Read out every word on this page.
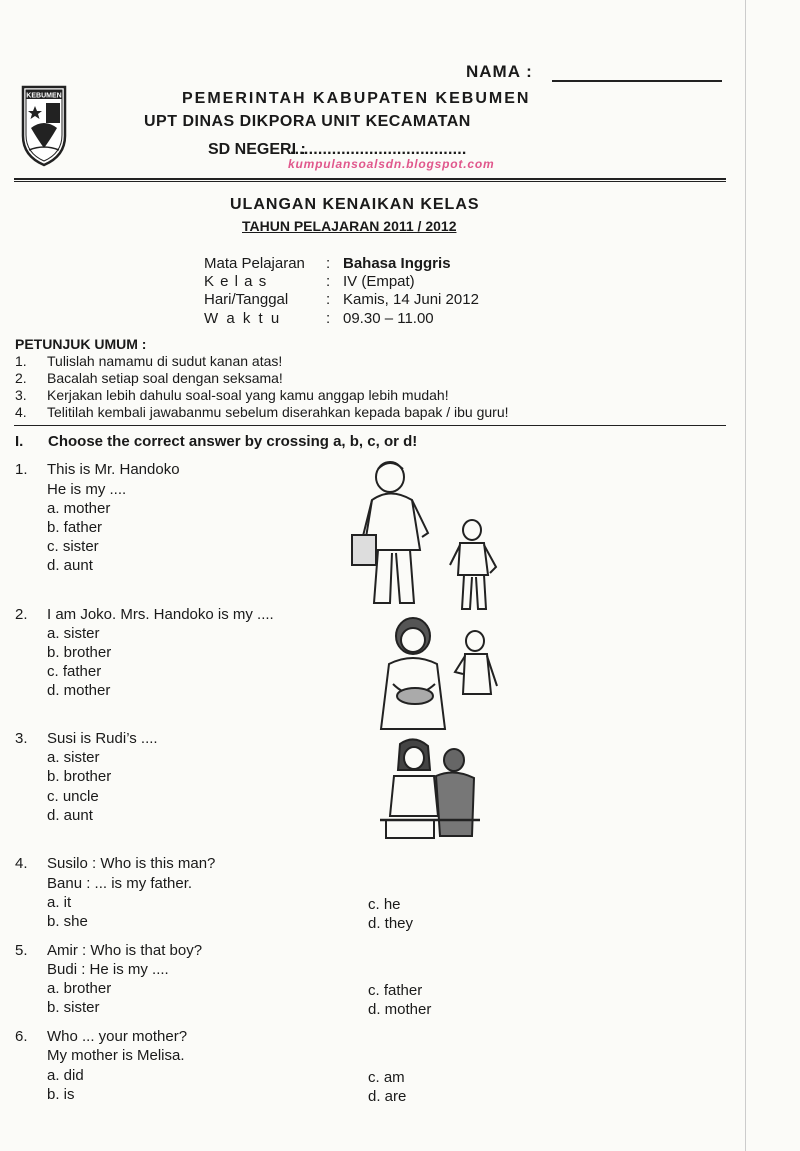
NAMA :
KEBUMEN	PEMERINTAH KABUPATEN KEBUMEN
UPT DINAS DIKPORA UNIT KECAMATAN
SD NEGERI :
......................................
kumpulansoalsdn.blogspot.com
ULANGAN KENAIKAN KELAS
TAHUN PELAJARAN 2011 / 2012
Mata Pelajaran : Bahasa Inggris
K e l a s	: IV (Empat)
Hari/Tanggal	: Kamis, 14 Juni 2012
W a k t u	: 09.30 – 11.00
PETUNJUK UMUM :
1. Tulislah namamu di sudut kanan atas!
2. Bacalah setiap soal dengan seksama!
3. Kerjakan lebih dahulu soal-soal yang kamu anggap lebih mudah!
4. Telitilah kembali jawabanmu sebelum diserahkan kepada bapak / ibu guru!
I. Choose the correct answer by crossing a, b, c, or d!
1. This is Mr. Handoko
He is my ....
a. mother
b. father
c. sister
d. aunt
2. I am Joko. Mrs. Handoko is my ....
a. sister
b. brother
c. father
d. mother
3. Susi is Rudi’s ....
a. sister
b. brother
c. uncle
d. aunt
4. Susilo : Who is this man?
Banu : ... is my father.
a. it
b. she
c. he
d. they
5. Amir : Who is that boy?
Budi : He is my ....
a. brother
b. sister
c. father
d. mother
6. Who ... your mother?
My mother is Melisa.
a. did
b. is
c. am
d. are
